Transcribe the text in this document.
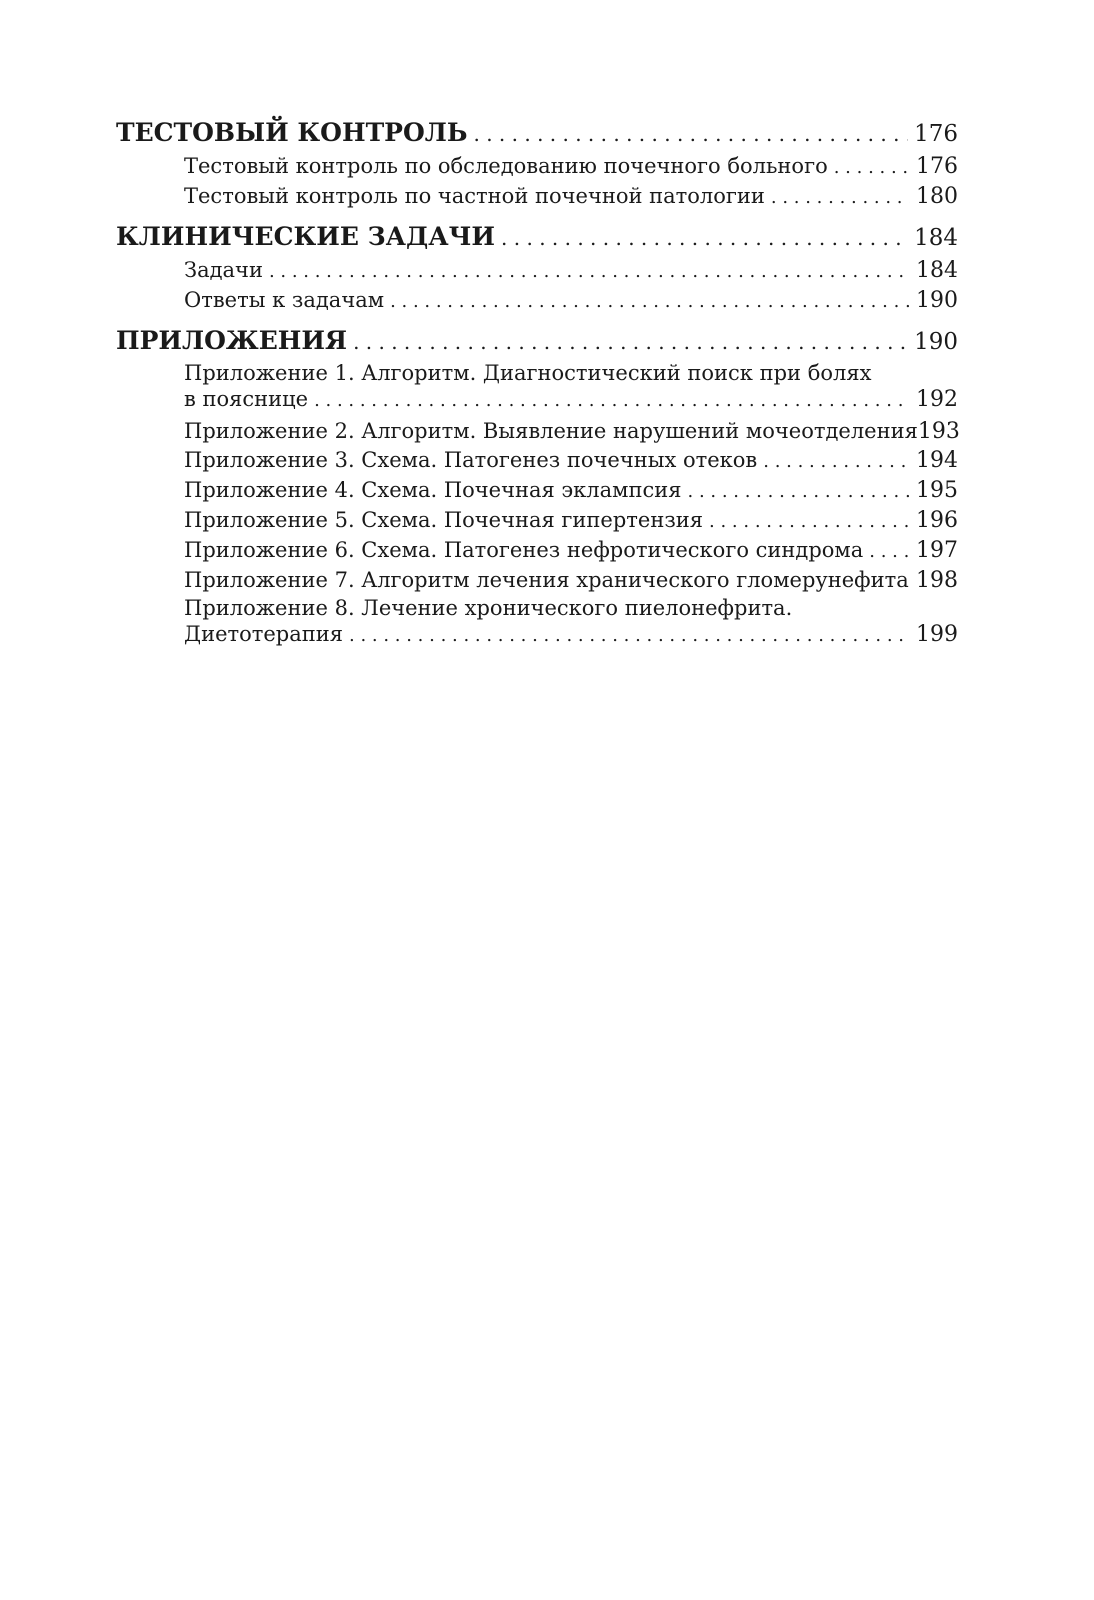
ТЕСТОВЫЙ КОНТРОЛЬ . . .	176
Тестовый контроль по обследованию почечного больного . . .	176
Тестовый контроль по частной почечной патологии . . .	180
КЛИНИЧЕСКИЕ ЗАДАЧИ . . .	184
Задачи . . .	184
Ответы к задачам . . .	190
ПРИЛОЖЕНИЯ . . .	190
Приложение 1. Алгоритм. Диагностический поиск при болях
в пояснице . . .	192
Приложение 2. Алгоритм. Выявление нарушений мочеотделения 193
Приложение 3. Схема. Патогенез почечных отеков . . .	194
Приложение 4. Схема. Почечная эклампсия . . .	195
Приложение 5. Схема. Почечная гипертензия . . .	196
Приложение 6. Схема. Патогенез нефротического синдрома . . . 197
Приложение 7. Алгоритм лечения хранического гломерунефита 198
Приложение 8. Лечение хронического пиелонефрита.
Диетотерапия . . .	199
